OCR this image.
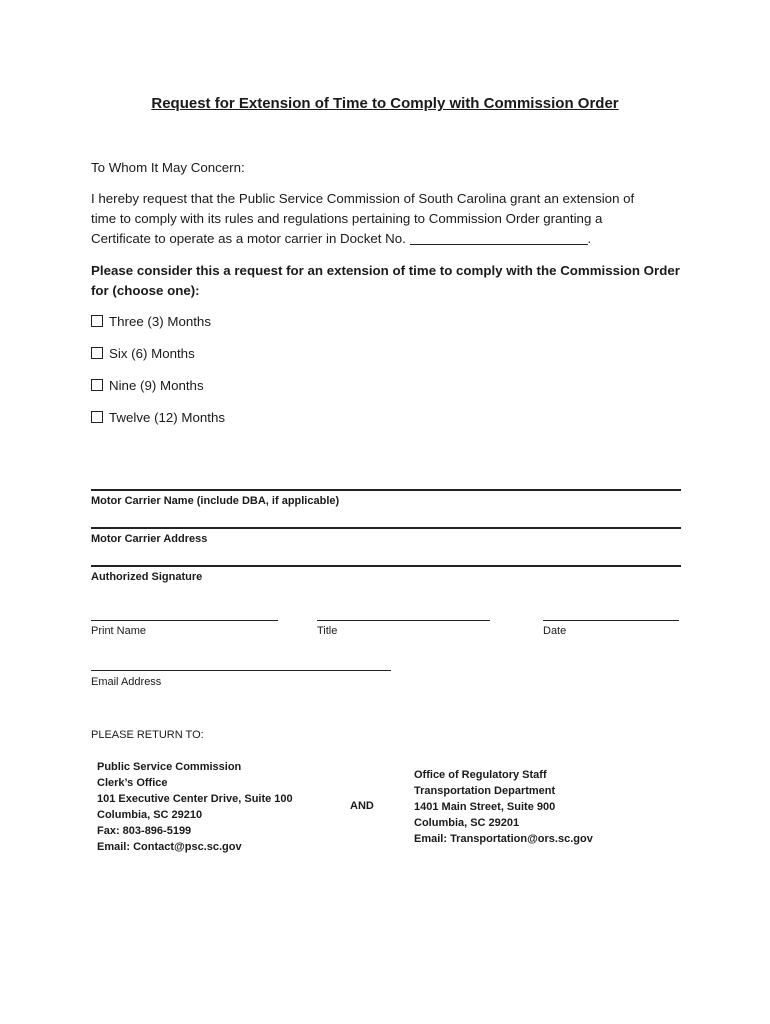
Request for Extension of Time to Comply with Commission Order
To Whom It May Concern:
I hereby request that the Public Service Commission of South Carolina grant an extension of
time to comply with its rules and regulations pertaining to Commission Order granting a
Certificate to operate as a motor carrier in Docket No.	.
Please consider this a request for an extension of time to comply with the Commission Order
for (choose one):
Three (3) Months
Six (6) Months
Nine (9) Months
Twelve (12) Months
Motor Carrier Name (include DBA, if applicable)
Motor Carrier Address
Authorized Signature
Print Name	Title	Date
Email Address
PLEASE RETURN TO:
Public Service Commission
Clerk’s Office
101 Executive Center Drive, Suite 100
Columbia, SC 29210
Fax: 803-896-5199
Email: Contact@psc.sc.gov
AND
Office of Regulatory Staff
Transportation Department
1401 Main Street, Suite 900
Columbia, SC 29201
Email: Transportation@ors.sc.gov
